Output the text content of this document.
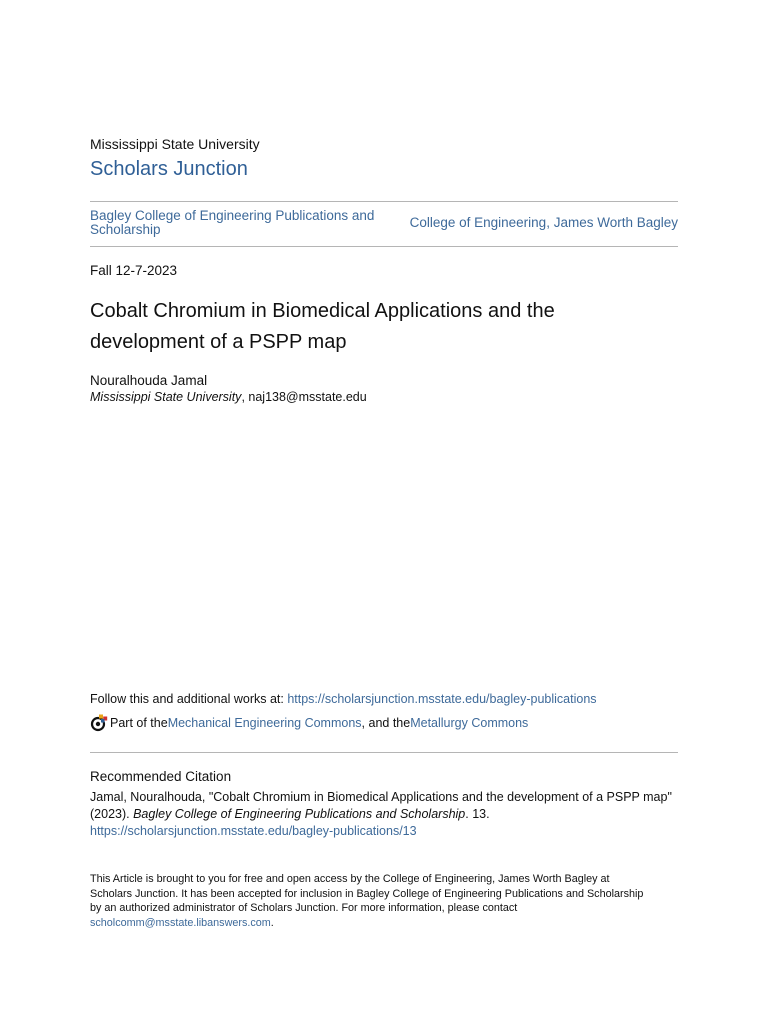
Mississippi State University
Scholars Junction
Bagley College of Engineering Publications and Scholarship	College of Engineering, James Worth Bagley
Fall 12-7-2023
Cobalt Chromium in Biomedical Applications and the development of a PSPP map
Nouralhouda Jamal
Mississippi State University, naj138@msstate.edu
Follow this and additional works at: https://scholarsjunction.msstate.edu/bagley-publications
Part of the Mechanical Engineering Commons , and the Metallurgy Commons
Recommended Citation
Jamal, Nouralhouda, "Cobalt Chromium in Biomedical Applications and the development of a PSPP map" (2023). Bagley College of Engineering Publications and Scholarship. 13.
https://scholarsjunction.msstate.edu/bagley-publications/13
This Article is brought to you for free and open access by the College of Engineering, James Worth Bagley at Scholars Junction. It has been accepted for inclusion in Bagley College of Engineering Publications and Scholarship by an authorized administrator of Scholars Junction. For more information, please contact scholcomm@msstate.libanswers.com.
